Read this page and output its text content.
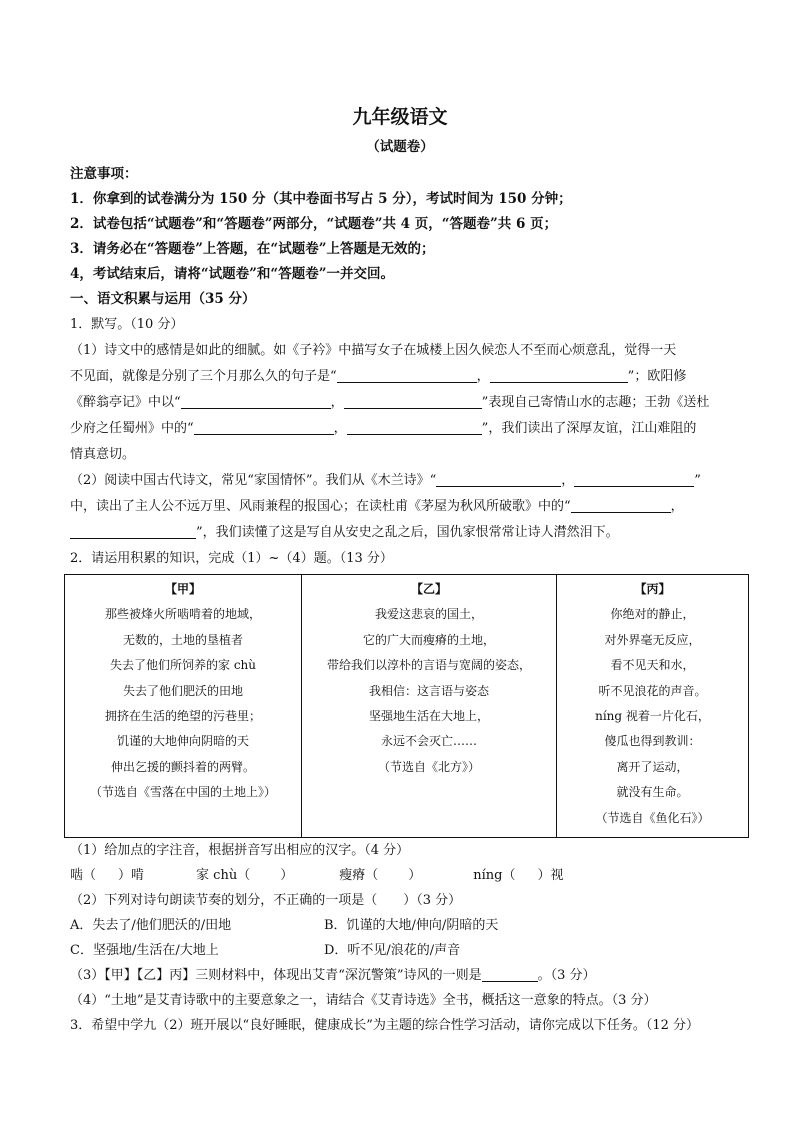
九年级语文

（试题卷）

注意事项：

1．你拿到的试卷满分为 150 分（其中卷面书写占 5 分），考试时间为 150 分钟；

2．试卷包括“试题卷”和“答题卷”两部分，“试题卷”共 4 页，“答题卷”共 6 页；

3．请务必在“答题卷”上答题，在“试题卷”上答题是无效的；

4，考试结束后，请将“试题卷”和“答题卷”一并交回。

一、语文积累与运用（35 分）

1．默写。（10 分）

（1）诗文中的感情是如此的细腻。如《子衿》中描写女子在城楼上因久候恋人不至而心烦意乱，觉得一天

不见面，就像是分别了三个月那么久的句子是“	，	”；欧阳修

《醉翁亭记》中以“	，	”表现自己寄情山水的志趣；王勃《送杜

少府之任蜀州》中的“	，	”，我们读出了深厚友谊，江山难阻的

情真意切。

（2）阅读中国古代诗文，常见“家国情怀”。我们从《木兰诗》“	，	”

中，读出了主人公不远万里、风雨兼程的报国心；在读杜甫《茅屋为秋风所破歌》中的“	，

”，我们读懂了这是写自从安史之乱之后，国仇家恨常常让诗人潸然泪下。

2．请运用积累的知识，完成（1）~（4）题。（13 分）

【甲】
那些被烽火所啮啃着的地域，
无数的，土地的垦植者
失去了他们所饲养的家 chù
失去了他们肥沃的田地
拥挤在生活的绝望的污巷里；
饥谨的大地伸向阴暗的天
伸出乞援的颤抖着的两臂。
（节选自《雪落在中国的土地上》）

【乙】
我爱这悲哀的国土，
它的广大而瘦瘠的土地，
带给我们以淳朴的言语与宽阔的姿态，
我相信：这言语与姿态
坚强地生活在大地上，
永远不会灭亡……
（节选自《北方》）

【丙】
你绝对的静止，
对外界毫无反应，
看不见天和水，
听不见浪花的声音。
níng 视着一片化石，
傻瓜也得到教训：
离开了运动，
就没有生命。
（节选自《鱼化石》）

（1）给加点的字注音，根据拼音写出相应的汉字。（4 分）

啮（ ）啃	家 chù（ ）	瘦瘠（ ）	níng（ ）视

（2）下列对诗句朗读节奏的划分，不正确的一项是（ ）（3 分）

A．失去了/他们肥沃的/田地	B．饥谨的大地/伸向/阴暗的天

C．坚强地/生活在/大地上	D．听不见/浪花的/声音

（3）【甲】【乙】丙】三则材料中，体现出艾青“深沉警策”诗风的一则是	。（3 分）

（4）“土地”是艾青诗歌中的主要意象之一，请结合《艾青诗选》全书，概括这一意象的特点。（3 分）

3．希望中学九（2）班开展以“良好睡眠，健康成长”为主题的综合性学习活动，请你完成以下任务。（12 分）
